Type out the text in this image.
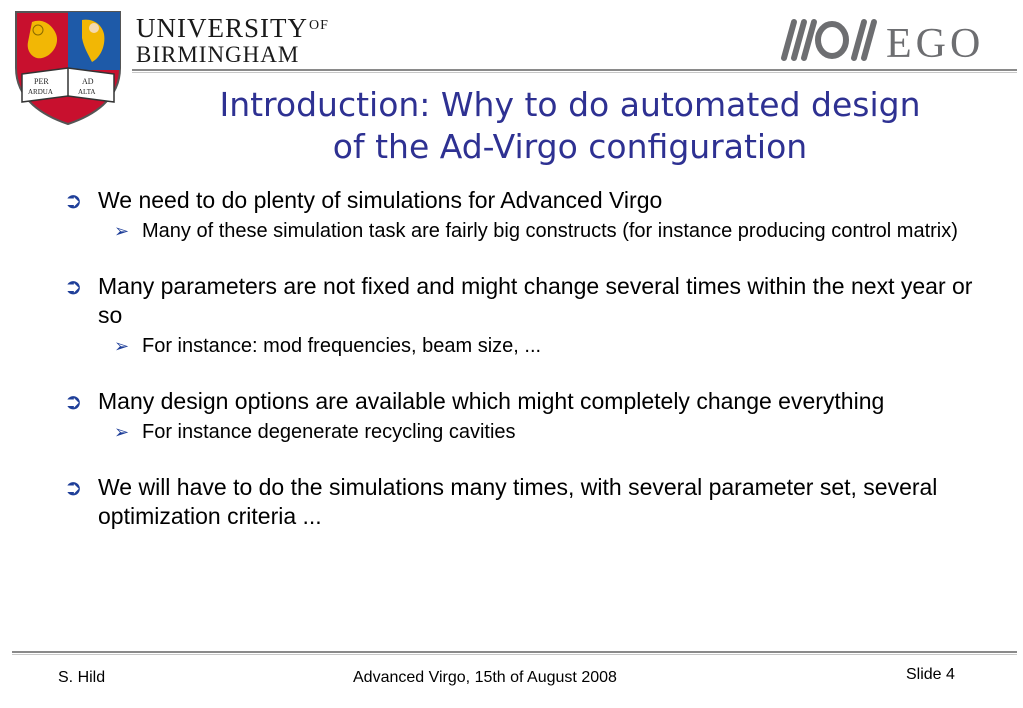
PER	AD
ARDUA	ALTA
$UNIVERSITY^{OF}$
BIRMINGHAM	EGO
Introduction: Why to do automated design
of the Ad-Virgo configuration
➲ We need to do plenty of simulations for Advanced Virgo
➢ Many of these simulation task are fairly big constructs (for instance producing control matrix)
➲ Many parameters are not fixed and might change several times within the next year or so
➢ For instance: mod frequencies, beam size, ...
➲ Many design options are available which might completely change everything
➢ For instance degenerate recycling cavities
➲ We will have to do the simulations many times, with several parameter set, several optimization criteria ...
S. Hild	Advanced Virgo, 15th of August 2008	Slide 4
